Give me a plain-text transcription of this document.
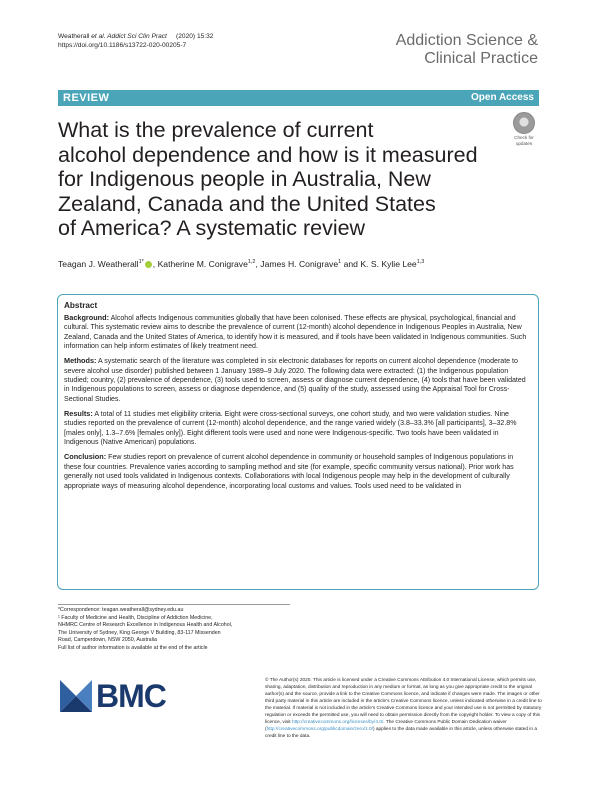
Weatherall et al. Addict Sci Clin Pract (2020) 15:32
https://doi.org/10.1186/s13722-020-00205-7	Addiction Science &
Clinical Practice
REVIEW	Open Access
What is the prevalence of current
alcohol dependence and how is it measured
for Indigenous people in Australia, New
Zealand, Canada and the United States
of America? A systematic review
Check for
updates
Teagan J. Weatherall$^{1*}$ , Katherine M. Conigrave$^{1,2}$, James H. Conigrave$^1$ and K. S. Kylie Lee$^{1,3}$
Abstract

Background: Alcohol affects Indigenous communities globally that have been colonised. These effects are physical, psychological, financial and cultural. This systematic review aims to describe the prevalence of current (12-month) alcohol dependence in Indigenous Peoples in Australia, New Zealand, Canada and the United States of America, to identify how it is measured, and if tools have been validated in Indigenous communities. Such information can help inform estimates of likely treatment need.

Methods: A systematic search of the literature was completed in six electronic databases for reports on current alcohol dependence (moderate to severe alcohol use disorder) published between 1 January 1989–9 July 2020. The following data were extracted: (1) the Indigenous population studied; country, (2) prevalence of dependence, (3) tools used to screen, assess or diagnose current dependence, (4) tools that have been validated in Indigenous populations to screen, assess or diagnose dependence, and (5) quality of the study, assessed using the Appraisal Tool for Cross-Sectional Studies.

Results: A total of 11 studies met eligibility criteria. Eight were cross-sectional surveys, one cohort study, and two were validation studies. Nine studies reported on the prevalence of current (12-month) alcohol dependence, and the range varied widely (3.8–33.3% [all participants], 3–32.8% [males only], 1.3–7.6% [females only]). Eight different tools were used and none were Indigenous-specific. Two tools have been validated in Indigenous (Native American) populations.

Conclusion: Few studies report on prevalence of current alcohol dependence in community or household samples of Indigenous populations in these four countries. Prevalence varies according to sampling method and site (for example, specific community versus national). Prior work has generally not used tools validated in Indigenous contexts. Collaborations with local Indigenous people may help in the development of culturally appropriate ways of measuring alcohol dependence, incorporating local customs and values. Tools used need to be validated in

*Correspondence: teagan.weatherall@sydney.edu.au

¹ Faculty of Medicine and Health, Discipline of Addiction Medicine,

NHMRC Centre of Research Excellence in Indigenous Health and Alcohol,

The University of Sydney, King George V Building, 83-117 Missenden

Road, Camperdown, NSW 2050, Australia

Full list of author information is available at the end of the article

BMC	© The Author(s) 2020. This article is licensed under a Creative Commons Attribution 4.0 International License, which permits use, sharing, adaptation, distribution and reproduction in any medium or format, as long as you give appropriate credit to the original author(s) and the source, provide a link to the Creative Commons licence, and indicate if changes were made. The images or other third party material in this article are included in the article's Creative Commons licence, unless indicated otherwise in a credit line to the material. If material is not included in the article's Creative Commons licence and your intended use is not permitted by statutory regulation or exceeds the permitted use, you will need to obtain permission directly from the copyright holder. To view a copy of this licence, visit http://creativecommons.org/licenses/by/4.0/. The Creative Commons Public Domain Dedication waiver (http://creativecommons.org/publicdomain/zero/1.0/) applies to the data made available in this article, unless otherwise stated in a credit line to the data.
